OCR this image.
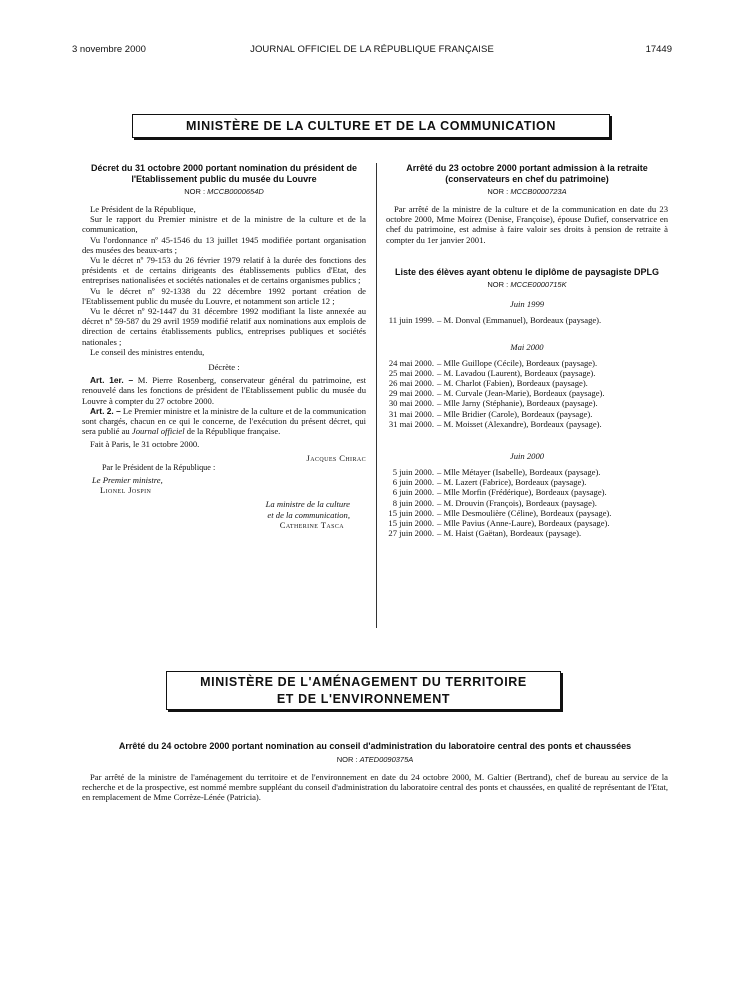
3 novembre 2000	JOURNAL OFFICIEL DE LA RÉPUBLIQUE FRANÇAISE	17449
MINISTÈRE DE LA CULTURE ET DE LA COMMUNICATION

Décret du 31 octobre 2000 portant nomination du président de l'Etablissement public du musée du Louvre

NOR : MCCB0000654D

Le Président de la République,

Sur le rapport du Premier ministre et de la ministre de la culture et de la communication,

Vu l'ordonnance nº 45-1546 du 13 juillet 1945 modifiée portant organisation des musées des beaux-arts ;

Vu le décret nº 79-153 du 26 février 1979 relatif à la durée des fonctions des présidents et de certains dirigeants des établissements publics d'Etat, des entreprises nationalisées et sociétés nationales et de certains organismes publics ;

Vu le décret nº 92-1338 du 22 décembre 1992 portant création de l'Etablissement public du musée du Louvre, et notamment son article 12 ;

Vu le décret nº 92-1447 du 31 décembre 1992 modifiant la liste annexée au décret nº 59-587 du 29 avril 1959 modifié relatif aux nominations aux emplois de direction de certains établissements publics, entreprises publiques et sociétés nationales ;

Le conseil des ministres entendu,

Décrète :

Art. 1er. – M. Pierre Rosenberg, conservateur général du patrimoine, est renouvelé dans les fonctions de président de l'Etablissement public du musée du Louvre à compter du 27 octobre 2000.

Art. 2. – Le Premier ministre et la ministre de la culture et de la communication sont chargés, chacun en ce qui le concerne, de l'exécution du présent décret, qui sera publié au Journal officiel de la République française.

Fait à Paris, le 31 octobre 2000.

Jacques Chirac

Par le Président de la République :

Le Premier ministre,

Lionel Jospin

La ministre de la culture

et de la communication,

Catherine Tasca

Arrêté du 23 octobre 2000 portant admission à la retraite (conservateurs en chef du patrimoine)

NOR : MCCB0000723A

Par arrêté de la ministre de la culture et de la communication en date du 23 octobre 2000, Mme Moirez (Denise, Françoise), épouse Dufief, conservatrice en chef du patrimoine, est admise à faire valoir ses droits à pension de retraite à compter du 1er janvier 2001.

Liste des élèves ayant obtenu le diplôme de paysagiste DPLG

NOR : MCCE0000715K

Juin 1999

11 juin 1999. – M. Donval (Emmanuel), Bordeaux (paysage).

Mai 2000

24 mai 2000. – Mlle Guillope (Cécile), Bordeaux (paysage).
25 mai 2000. – M. Lavadou (Laurent), Bordeaux (paysage).
26 mai 2000. – M. Charlot (Fabien), Bordeaux (paysage).
29 mai 2000. – M. Curvale (Jean-Marie), Bordeaux (paysage).
30 mai 2000. – Mlle Jarny (Stéphanie), Bordeaux (paysage).
31 mai 2000. – Mlle Bridier (Carole), Bordeaux (paysage).
31 mai 2000. – M. Moisset (Alexandre), Bordeaux (paysage).

Juin 2000

5 juin 2000. – Mlle Métayer (Isabelle), Bordeaux (paysage).
6 juin 2000. – M. Lazert (Fabrice), Bordeaux (paysage).
6 juin 2000. – Mlle Morfin (Frédérique), Bordeaux (paysage).
8 juin 2000. – M. Drouvin (François), Bordeaux (paysage).
15 juin 2000. – Mlle Desmoulière (Céline), Bordeaux (paysage).
15 juin 2000. – Mlle Pavius (Anne-Laure), Bordeaux (paysage).
27 juin 2000. – M. Haist (Gaëtan), Bordeaux (paysage).
MINISTÈRE DE L'AMÉNAGEMENT DU TERRITOIRE
ET DE L'ENVIRONNEMENT

Arrêté du 24 octobre 2000 portant nomination au conseil d'administration du laboratoire central des ponts et chaussées

NOR : ATED0090375A

Par arrêté de la ministre de l'aménagement du territoire et de l'environnement en date du 24 octobre 2000, M. Galtier (Bertrand), chef de bureau au service de la recherche et de la prospective, est nommé membre suppléant du conseil d'administration du laboratoire central des ponts et chaussées, en qualité de représentant de l'Etat, en remplacement de Mme Corrèze-Lénée (Patricia).
